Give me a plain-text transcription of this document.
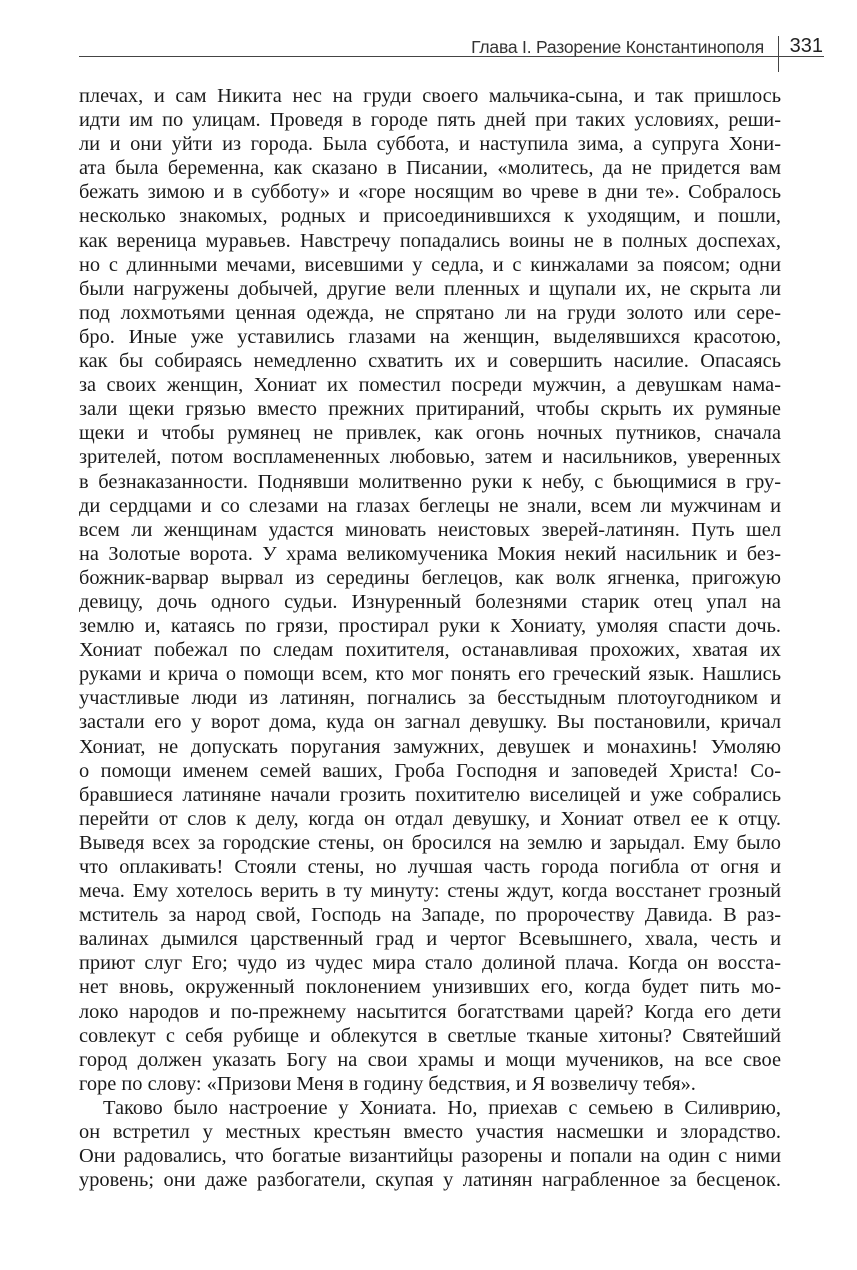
Глава I. Разорение Константинополя 331
плечах, и сам Никита нес на груди своего мальчика-сына, и так пришлось
идти им по улицам. Проведя в городе пять дней при таких условиях, реши-
ли и они уйти из города. Была суббота, и наступила зима, а супруга Хони-
ата была беременна, как сказано в Писании, «молитесь, да не придется вам
бежать зимою и в субботу» и «горе носящим во чреве в дни те». Собралось
несколько знакомых, родных и присоединившихся к уходящим, и пошли,
как вереница муравьев. Навстречу попадались воины не в полных доспехах,
но с длинными мечами, висевшими у седла, и с кинжалами за поясом; одни
были нагружены добычей, другие вели пленных и щупали их, не скрыта ли
под лохмотьями ценная одежда, не спрятано ли на груди золото или сере-
бро. Иные уже уставились глазами на женщин, выделявшихся красотою,
как бы собираясь немедленно схватить их и совершить насилие. Опасаясь
за своих женщин, Хониат их поместил посреди мужчин, а девушкам нама-
зали щеки грязью вместо прежних притираний, чтобы скрыть их румяные
щеки и чтобы румянец не привлек, как огонь ночных путников, сначала
зрителей, потом воспламененных любовью, затем и насильников, уверенных
в безнаказанности. Поднявши молитвенно руки к небу, с бьющимися в гру-
ди сердцами и со слезами на глазах беглецы не знали, всем ли мужчинам и
всем ли женщинам удастся миновать неистовых зверей-латинян. Путь шел
на Золотые ворота. У храма великомученика Мокия некий насильник и без-
божник-варвар вырвал из середины беглецов, как волк ягненка, пригожую
девицу, дочь одного судьи. Изнуренный болезнями старик отец упал на
землю и, катаясь по грязи, простирал руки к Хониату, умоляя спасти дочь.
Хониат побежал по следам похитителя, останавливая прохожих, хватая их
руками и крича о помощи всем, кто мог понять его греческий язык. Нашлись
участливые люди из латинян, погнались за бесстыдным плотоугодником и
застали его у ворот дома, куда он загнал девушку. Вы постановили, кричал
Хониат, не допускать поругания замужних, девушек и монахинь! Умоляю
о помощи именем семей ваших, Гроба Господня и заповедей Христа! Со-
бравшиеся латиняне начали грозить похитителю виселицей и уже собрались
перейти от слов к делу, когда он отдал девушку, и Хониат отвел ее к отцу.
Выведя всех за городские стены, он бросился на землю и зарыдал. Ему было
что оплакивать! Стояли стены, но лучшая часть города погибла от огня и
меча. Ему хотелось верить в ту минуту: стены ждут, когда восстанет грозный
мститель за народ свой, Господь на Западе, по пророчеству Давида. В раз-
валинах дымился царственный град и чертог Всевышнего, хвала, честь и
приют слуг Его; чудо из чудес мира стало долиной плача. Когда он восста-
нет вновь, окруженный поклонением унизивших его, когда будет пить мо-
локо народов и по-прежнему насытится богатствами царей? Когда его дети
совлекут с себя рубище и облекутся в светлые тканые хитоны? Святейший
город должен указать Богу на свои храмы и мощи мучеников, на все свое
горе по слову: «Призови Меня в годину бедствия, и Я возвеличу тебя».
Таково было настроение у Хониата. Но, приехав с семьею в Силиврию,
он встретил у местных крестьян вместо участия насмешки и злорадство.
Они радовались, что богатые византийцы разорены и попали на один с ними
уровень; они даже разбогатели, скупая у латинян награбленное за бесценок.
